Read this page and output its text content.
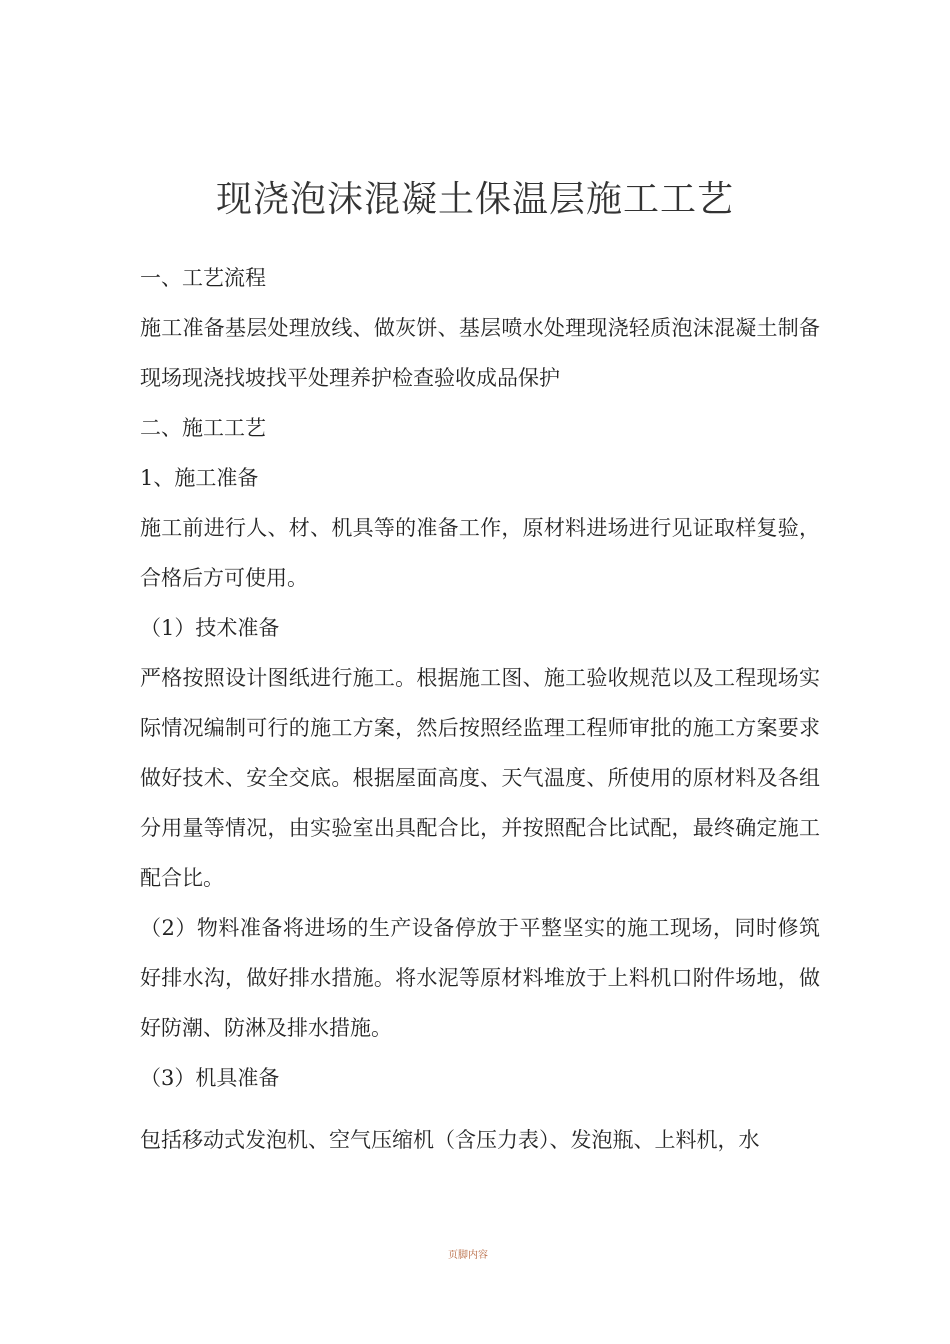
现浇泡沫混凝土保温层施工工艺

一、工艺流程

施工准备基层处理放线、做灰饼、基层喷水处理现浇轻质泡沫混凝土制备现场现浇找坡找平处理养护检查验收成品保护

二、施工工艺

1、施工准备

施工前进行人、材、机具等的准备工作，原材料进场进行见证取样复验，合格后方可使用。

（1）技术准备

严格按照设计图纸进行施工。根据施工图、施工验收规范以及工程现场实际情况编制可行的施工方案，然后按照经监理工程师审批的施工方案要求做好技术、安全交底。根据屋面高度、天气温度、所使用的原材料及各组分用量等情况，由实验室出具配合比，并按照配合比试配，最终确定施工配合比。

（2）物料准备将进场的生产设备停放于平整坚实的施工现场，同时修筑好排水沟，做好排水措施。将水泥等原材料堆放于上料机口附件场地，做好防潮、防淋及排水措施。

（3）机具准备

包括移动式发泡机、空气压缩机（含压力表）、发泡瓶、上料机，水

页脚内容
